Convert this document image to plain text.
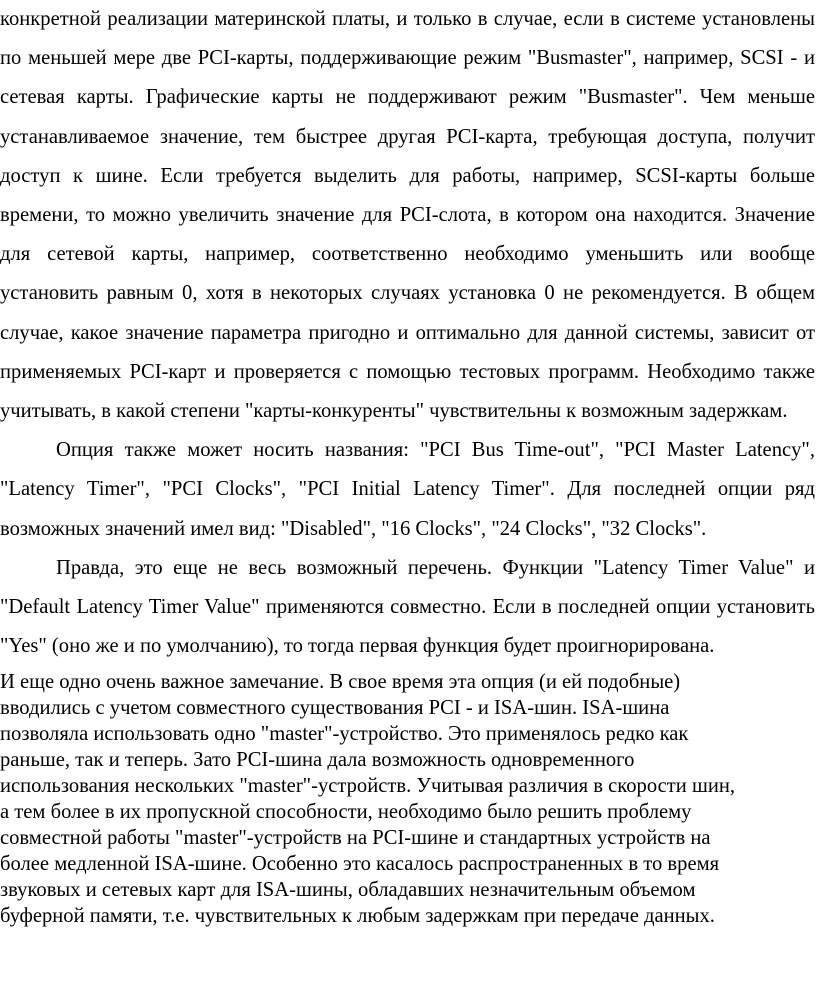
конкретной реализации материнской платы, и только в случае, если в системе установлены по меньшей мере две PCI-карты, поддерживающие режим "Busmaster", например, SCSI - и сетевая карты. Графические карты не поддерживают режим "Busmaster". Чем меньше устанавливаемое значение, тем быстрее другая PCI-карта, требующая доступа, получит доступ к шине. Если требуется выделить для работы, например, SCSI-карты больше времени, то можно увеличить значение для PCI-слота, в котором она находится. Значение для сетевой карты, например, соответственно необходимо уменьшить или вообще установить равным 0, хотя в некоторых случаях установка 0 не рекомендуется. В общем случае, какое значение параметра пригодно и оптимально для данной системы, зависит от применяемых PCI-карт и проверяется с помощью тестовых программ. Необходимо также учитывать, в какой степени "карты-конкуренты" чувствительны к возможным задержкам.

Опция также может носить названия: "PCI Bus Time-out", "PCI Master Latency", "Latency Timer", "PCI Clocks", "PCI Initial Latency Timer". Для последней опции ряд возможных значений имел вид: "Disabled", "16 Clocks", "24 Clocks", "32 Clocks".

Правда, это еще не весь возможный перечень. Функции "Latency Timer Value" и "Default Latency Timer Value" применяются совместно. Если в последней опции установить "Yes" (оно же и по умолчанию), то тогда первая функция будет проигнорирована.

И еще одно очень важное замечание. В свое время эта опция (и ей подобные)

вводились с учетом совместного существования PCI - и ISA-шин. ISA-шина

позволяла использовать одно "master"-устройство. Это применялось редко как

раньше, так и теперь. Зато PCI-шина дала возможность одновременного

использования нескольких "master"-устройств. Учитывая различия в скорости шин,

а тем более в их пропускной способности, необходимо было решить проблему

совместной работы "master"-устройств на PCI-шине и стандартных устройств на

более медленной ISA-шине. Особенно это касалось распространенных в то время

звуковых и сетевых карт для ISA-шины, обладавших незначительным объемом

буферной памяти, т.е. чувствительных к любым задержкам при передаче данных.
